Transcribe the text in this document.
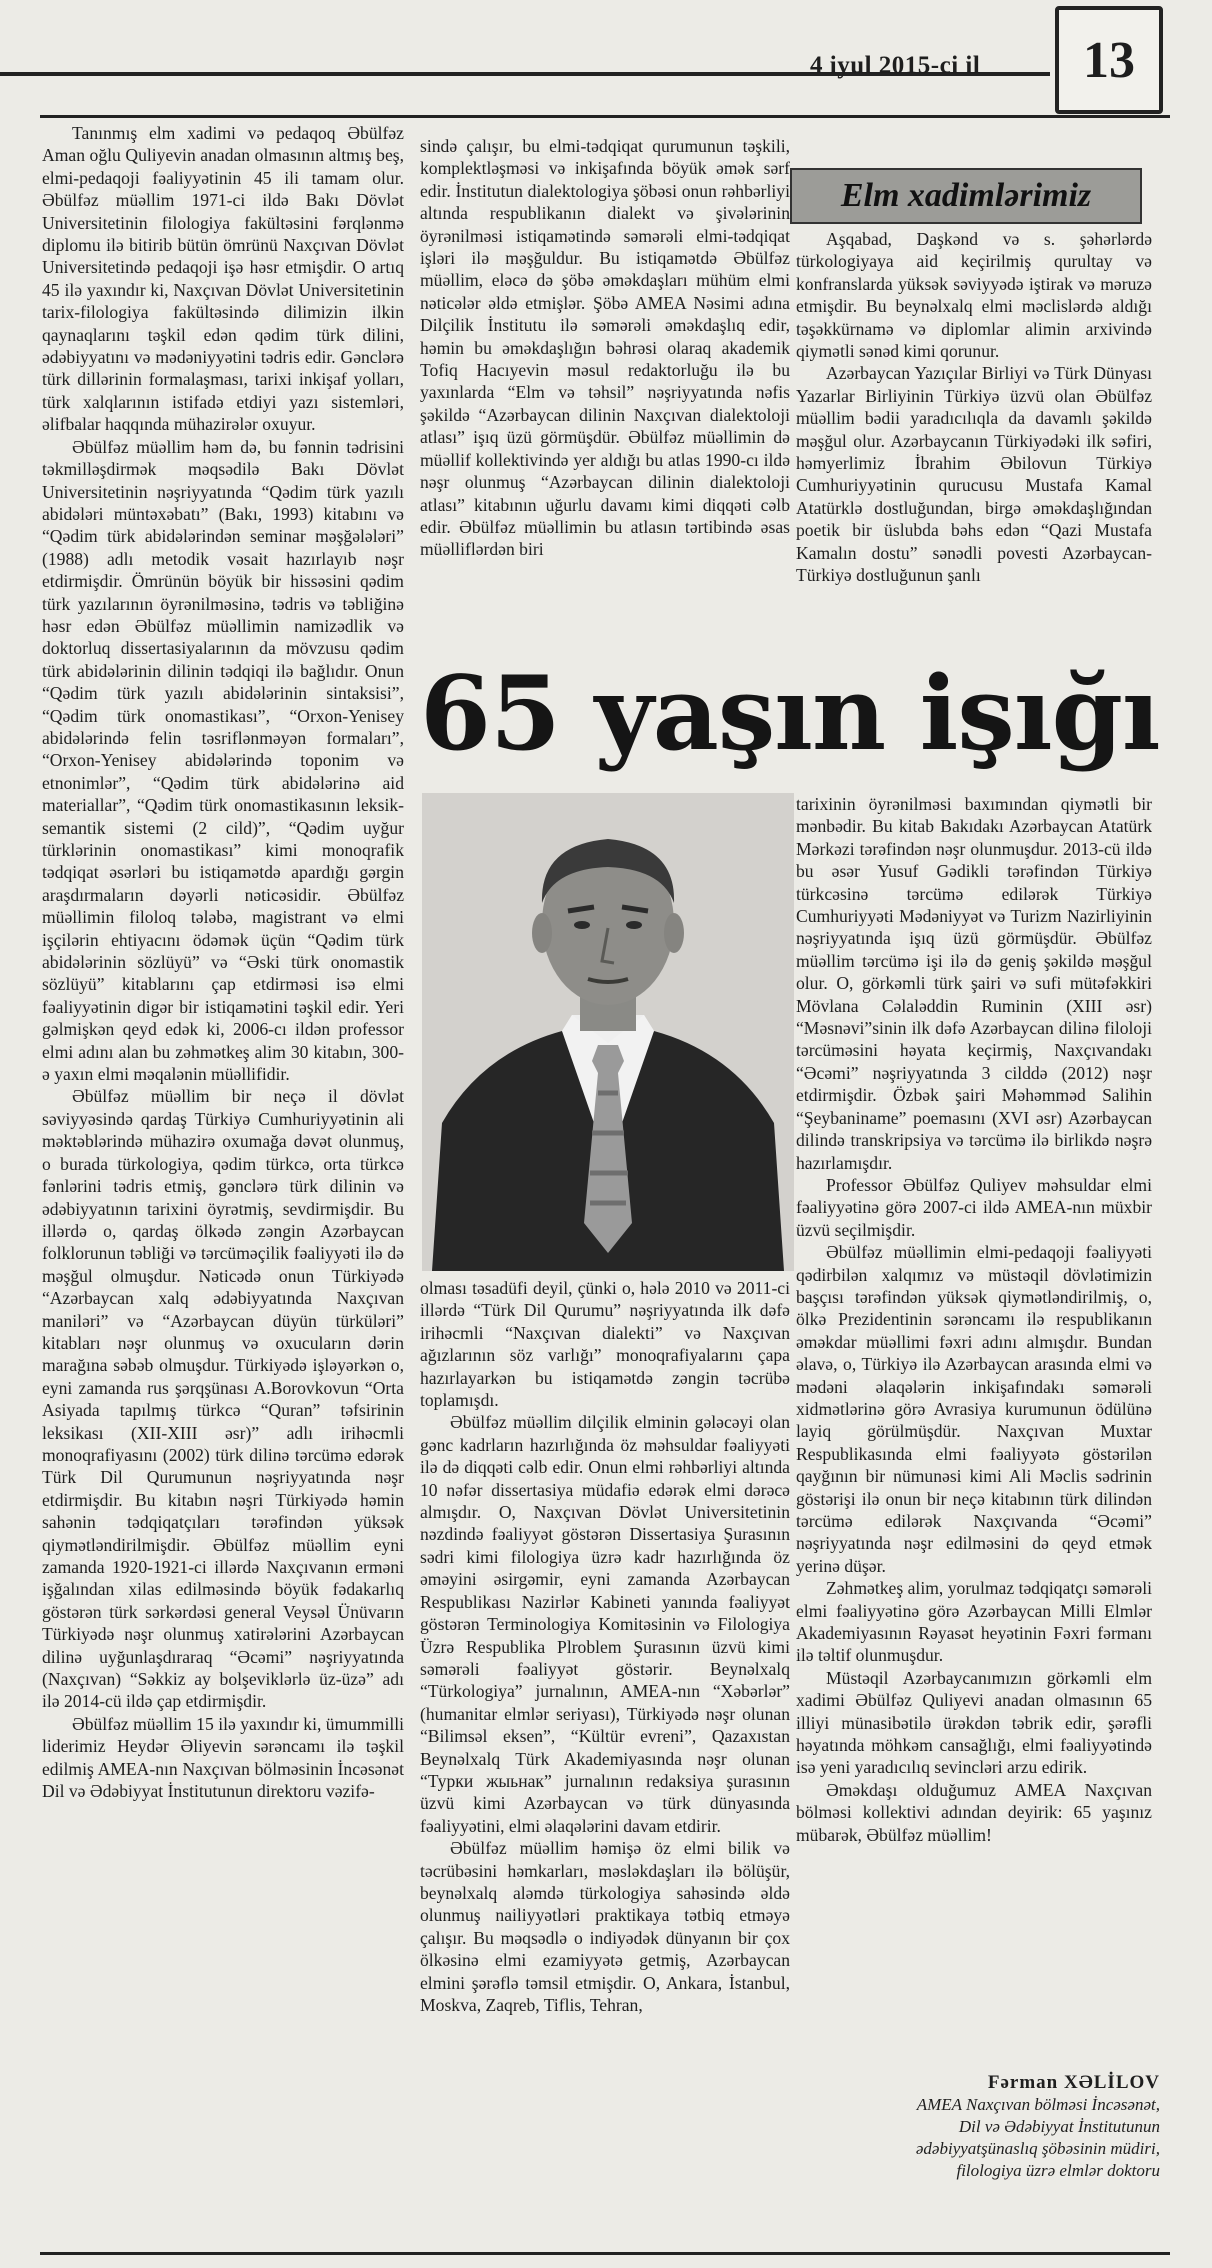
4 iyul 2015-ci il 13

Tanınmış elm xadimi və pedaqoq Əbülfəz Aman oğlu Quliyevin anadan olmasının altmış beş, elmi-pedaqoji fəaliyyətinin 45 ili tamam olur. Əbülfəz müəllim 1971-ci ildə Bakı Dövlət Universitetinin filologiya fakültəsini fərqlənmə diplomu ilə bitirib bütün ömrünü Naxçıvan Dövlət Universitetində pedaqoji işə həsr etmişdir. O artıq 45 ilə yaxındır ki, Naxçıvan Dövlət Universitetinin tarix-filologiya fakültəsində dilimizin ilkin qaynaqlarını təşkil edən qədim türk dilini, ədəbiyyatını və mədəniyyətini tədris edir. Gənclərə türk dillərinin formalaşması, tarixi inkişaf yolları, türk xalqlarının istifadə etdiyi yazı sistemləri, əlifbalar haqqında mühazirələr oxuyur.

Əbülfəz müəllim həm də, bu fənnin tədrisini təkmilləşdirmək məqsədilə Bakı Dövlət Universitetinin nəşriyyatında “Qədim türk yazılı abidələri müntəxəbatı” (Bakı, 1993) kitabını və “Qədim türk abidələrindən seminar məşğələləri” (1988) adlı metodik vəsait hazırlayıb nəşr etdirmişdir. Ömrünün böyük bir hissəsini qədim türk yazılarının öyrənilməsinə, tədris və təbliğinə həsr edən Əbülfəz müəllimin namizədlik və doktorluq dissertasiyalarının da mövzusu qədim türk abidələrinin dilinin tədqiqi ilə bağlıdır. Onun “Qədim türk yazılı abidələrinin sintaksisi”, “Qədim türk onomastikası”, “Orxon-Yenisey abidələrində felin təsriflənməyən formaları”, “Orxon-Yenisey abidələrində toponim və etnonimlər”, “Qədim türk abidələrinə aid materiallar”, “Qədim türk onomastikasının leksik-semantik sistemi (2 cild)”, “Qədim uyğur türklərinin onomastikası” kimi monoqrafik tədqiqat əsərləri bu istiqamətdə apardığı gərgin araşdırmaların dəyərli nəticəsidir. Əbülfəz müəllimin filoloq tələbə, magistrant və elmi işçilərin ehtiyacını ödəmək üçün “Qədim türk abidələrinin sözlüyü” və “Əski türk onomastik sözlüyü” kitablarını çap etdirməsi isə elmi fəaliyyətinin digər bir istiqamətini təşkil edir. Yeri gəlmişkən qeyd edək ki, 2006-cı ildən professor elmi adını alan bu zəhmətkeş alim 30 kitabın, 300-ə yaxın elmi məqalənin müəllifidir.

Əbülfəz müəllim bir neçə il dövlət səviyyəsində qardaş Türkiyə Cumhuriyyətinin ali məktəblərində mühazirə oxumağa dəvət olunmuş, o burada türkologiya, qədim türkcə, orta türkcə fənlərini tədris etmiş, gənclərə türk dilinin və ədəbiyyatının tarixini öyrətmiş, sevdirmişdir. Bu illərdə o, qardaş ölkədə zəngin Azərbaycan folklorunun təbliği və tərcüməçilik fəaliyyəti ilə də məşğul olmuşdur. Nəticədə onun Türkiyədə “Azərbaycan xalq ədəbiyyatında Naxçıvan maniləri” və “Azərbaycan düyün türküləri” kitabları nəşr olunmuş və oxucuların dərin marağına səbəb olmuşdur. Türkiyədə işləyərkən o, eyni zamanda rus şərqşünası A.Borovkovun “Orta Asiyada tapılmış türkcə “Quran” təfsirinin leksikası (XII-XIII əsr)” adlı irihəcmli monoqrafiyasını (2002) türk dilinə tərcümə edərək Türk Dil Qurumunun nəşriyyatında nəşr etdirmişdir. Bu kitabın nəşri Türkiyədə həmin sahənin tədqiqatçıları tərəfindən yüksək qiymətləndirilmişdir. Əbülfəz müəllim eyni zamanda 1920-1921-ci illərdə Naxçıvanın erməni işğalından xilas edilməsində böyük fədakarlıq göstərən türk sərkərdəsi general Veysəl Ünüvarın Türkiyədə nəşr olunmuş xatirələrini Azərbaycan dilinə uyğunlaşdıraraq “Əcəmi” nəşriyyatında (Naxçıvan) “Səkkiz ay bolşeviklərlə üz-üzə” adı ilə 2014-cü ildə çap etdirmişdir.

Əbülfəz müəllim 15 ilə yaxındır ki, ümummilli liderimiz Heydər Əliyevin sərəncamı ilə təşkil edilmiş AMEA-nın Naxçıvan bölməsinin İncəsənət Dil və Ədəbiyyat İnstitutunun direktoru vəzifə-

sində çalışır, bu elmi-tədqiqat qurumunun təşkili, komplektləşməsi və inkişafında böyük əmək sərf edir. İnstitutun dialektologiya şöbəsi onun rəhbərliyi altında respublikanın dialekt və şivələrinin öyrənilməsi istiqamətində səmərəli elmi-tədqiqat işləri ilə məşğuldur. Bu istiqamətdə Əbülfəz müəllim, eləcə də şöbə əməkdaşları mühüm elmi nəticələr əldə etmişlər. Şöbə AMEA Nəsimi adına Dilçilik İnstitutu ilə səmərəli əməkdaşlıq edir, həmin bu əməkdaşlığın bəhrəsi olaraq akademik Tofiq Hacıyevin məsul redaktorluğu ilə bu yaxınlarda “Elm və təhsil” nəşriyyatında nəfis şəkildə “Azərbaycan dilinin Naxçıvan dialektoloji atlası” işıq üzü görmüşdür. Əbülfəz müəllimin də müəllif kollektivində yer aldığı bu atlas 1990-cı ildə nəşr olunmuş “Azərbaycan dilinin dialektoloji atlası” kitabının uğurlu davamı kimi diqqəti cəlb edir. Əbülfəz müəllimin bu atlasın tərtibində əsas müəlliflərdən biri

Elm xadimlərimiz

Aşqabad, Daşkənd və s. şəhərlərdə türkologiyaya aid keçirilmiş qurultay və konfranslarda yüksək səviyyədə iştirak və məruzə etmişdir. Bu beynəlxalq elmi məclislərdə aldığı təşəkkürnamə və diplomlar alimin arxivində qiymətli sənəd kimi qorunur.

Azərbaycan Yazıçılar Birliyi və Türk Dünyası Yazarlar Birliyinin Türkiyə üzvü olan Əbülfəz müəllim bədii yaradıcılıqla da davamlı şəkildə məşğul olur. Azərbaycanın Türkiyədəki ilk səfiri, həmyerlimiz İbrahim Əbilovun Türkiyə Cumhuriyyətinin qurucusu Mustafa Kamal Atatürklə dostluğundan, birgə əməkdaşlığından poetik bir üslubda bəhs edən “Qazi Mustafa Kamalın dostu” sənədli povesti Azərbaycan-Türkiyə dostluğunun şanlı

65 yaşın işığı

olması təsadüfi deyil, çünki o, hələ 2010 və 2011-ci illərdə “Türk Dil Qurumu” nəşriyyatında ilk dəfə irihəcmli “Naxçıvan dialekti” və Naxçıvan ağızlarının söz varlığı” monoqrafiyalarını çapa hazırlayarkən bu istiqamətdə zəngin təcrübə toplamışdı.

Əbülfəz müəllim dilçilik elminin gələcəyi olan gənc kadrların hazırlığında öz məhsuldar fəaliyyəti ilə də diqqəti cəlb edir. Onun elmi rəhbərliyi altında 10 nəfər dissertasiya müdafiə edərək elmi dərəcə almışdır. O, Naxçıvan Dövlət Universitetinin nəzdində fəaliyyət göstərən Dissertasiya Şurasının sədri kimi filologiya üzrə kadr hazırlığında öz əməyini əsirgəmir, eyni zamanda Azərbaycan Respublikası Nazirlər Kabineti yanında fəaliyyət göstərən Terminologiya Komitəsinin və Filologiya Üzrə Respublika Plroblem Şurasının üzvü kimi səmərəli fəaliyyət göstərir. Beynəlxalq “Türkologiya” jurnalının, AMEA-nın “Xəbərlər” (humanitar elmlər seriyası), Türkiyədə nəşr olunan “Bilimsəl eksen”, “Kültür evreni”, Qazaxıstan Beynəlxalq Türk Akademiyasında nəşr olunan “Турки жыьнак” jurnalının redaksiya şurasının üzvü kimi Azərbaycan və türk dünyasında fəaliyyətini, elmi əlaqələrini davam etdirir.

Əbülfəz müəllim həmişə öz elmi bilik və təcrübəsini həmkarları, məsləkdaşları ilə bölüşür, beynəlxalq aləmdə türkologiya sahəsində əldə olunmuş nailiyyətləri praktikaya tətbiq etməyə çalışır. Bu məqsədlə o indiyədək dünyanın bir çox ölkəsinə elmi ezamiyyətə getmiş, Azərbaycan elmini şərəflə təmsil etmişdir. O, Ankara, İstanbul, Moskva, Zaqreb, Tiflis, Tehran,

tarixinin öyrənilməsi baxımından qiymətli bir mənbədir. Bu kitab Bakıdakı Azərbaycan Atatürk Mərkəzi tərəfindən nəşr olunmuşdur. 2013-cü ildə bu əsər Yusuf Gədikli tərəfindən Türkiyə türkcəsinə tərcümə edilərək Türkiyə Cumhuriyyəti Mədəniyyət və Turizm Nazirliyinin nəşriyyatında işıq üzü görmüşdür. Əbülfəz müəllim tərcümə işi ilə də geniş şəkildə məşğul olur. O, görkəmli türk şairi və sufi mütəfəkkiri Mövlana Cəlaləddin Ruminin (XIII əsr) “Məsnəvi”sinin ilk dəfə Azərbaycan dilinə filoloji tərcüməsini həyata keçirmiş, Naxçıvandakı “Əcəmi” nəşriyyatında 3 cilddə (2012) nəşr etdirmişdir. Özbək şairi Məhəmməd Salihin “Şeybaniname” poemasını (XVI əsr) Azərbaycan dilində transkripsiya və tərcümə ilə birlikdə nəşrə hazırlamışdır.

Professor Əbülfəz Quliyev məhsuldar elmi fəaliyyətinə görə 2007-ci ildə AMEA-nın müxbir üzvü seçilmişdir.

Əbülfəz müəllimin elmi-pedaqoji fəaliyyəti qədirbilən xalqımız və müstəqil dövlətimizin başçısı tərəfindən yüksək qiymətləndirilmiş, o, ölkə Prezidentinin sərəncamı ilə respublikanın əməkdar müəllimi fəxri adını almışdır. Bundan əlavə, o, Türkiyə ilə Azərbaycan arasında elmi və mədəni əlaqələrin inkişafındakı səmərəli xidmətlərinə görə Avrasiya kurumunun ödülünə layiq görülmüşdür. Naxçıvan Muxtar Respublikasında elmi fəaliyyətə göstərilən qayğının bir nümunəsi kimi Ali Məclis sədrinin göstərişi ilə onun bir neçə kitabının türk dilindən tərcümə edilərək Naxçıvanda “Əcəmi” nəşriyyatında nəşr edilməsini də qeyd etmək yerinə düşər.

Zəhmətkeş alim, yorulmaz tədqiqatçı səmərəli elmi fəaliyyətinə görə Azərbaycan Milli Elmlər Akademiyasının Rəyasət heyətinin Fəxri fərmanı ilə təltif olunmuşdur.

Müstəqil Azərbaycanımızın görkəmli elm xadimi Əbülfəz Quliyevi anadan olmasının 65 illiyi münasibətilə ürəkdən təbrik edir, şərəfli həyatında möhkəm cansağlığı, elmi fəaliyyətində isə yeni yaradıcılıq sevincləri arzu edirik.

Əməkdaşı olduğumuz AMEA Naxçıvan bölməsi kollektivi adından deyirik: 65 yaşınız mübarək, Əbülfəz müəllim!

Fərman XƏLİLOV
AMEA Naxçıvan bölməsi İncəsənət,
Dil və Ədəbiyyat İnstitutunun
ədəbiyyatşünaslıq şöbəsinin müdiri,
filologiya üzrə elmlər doktoru
